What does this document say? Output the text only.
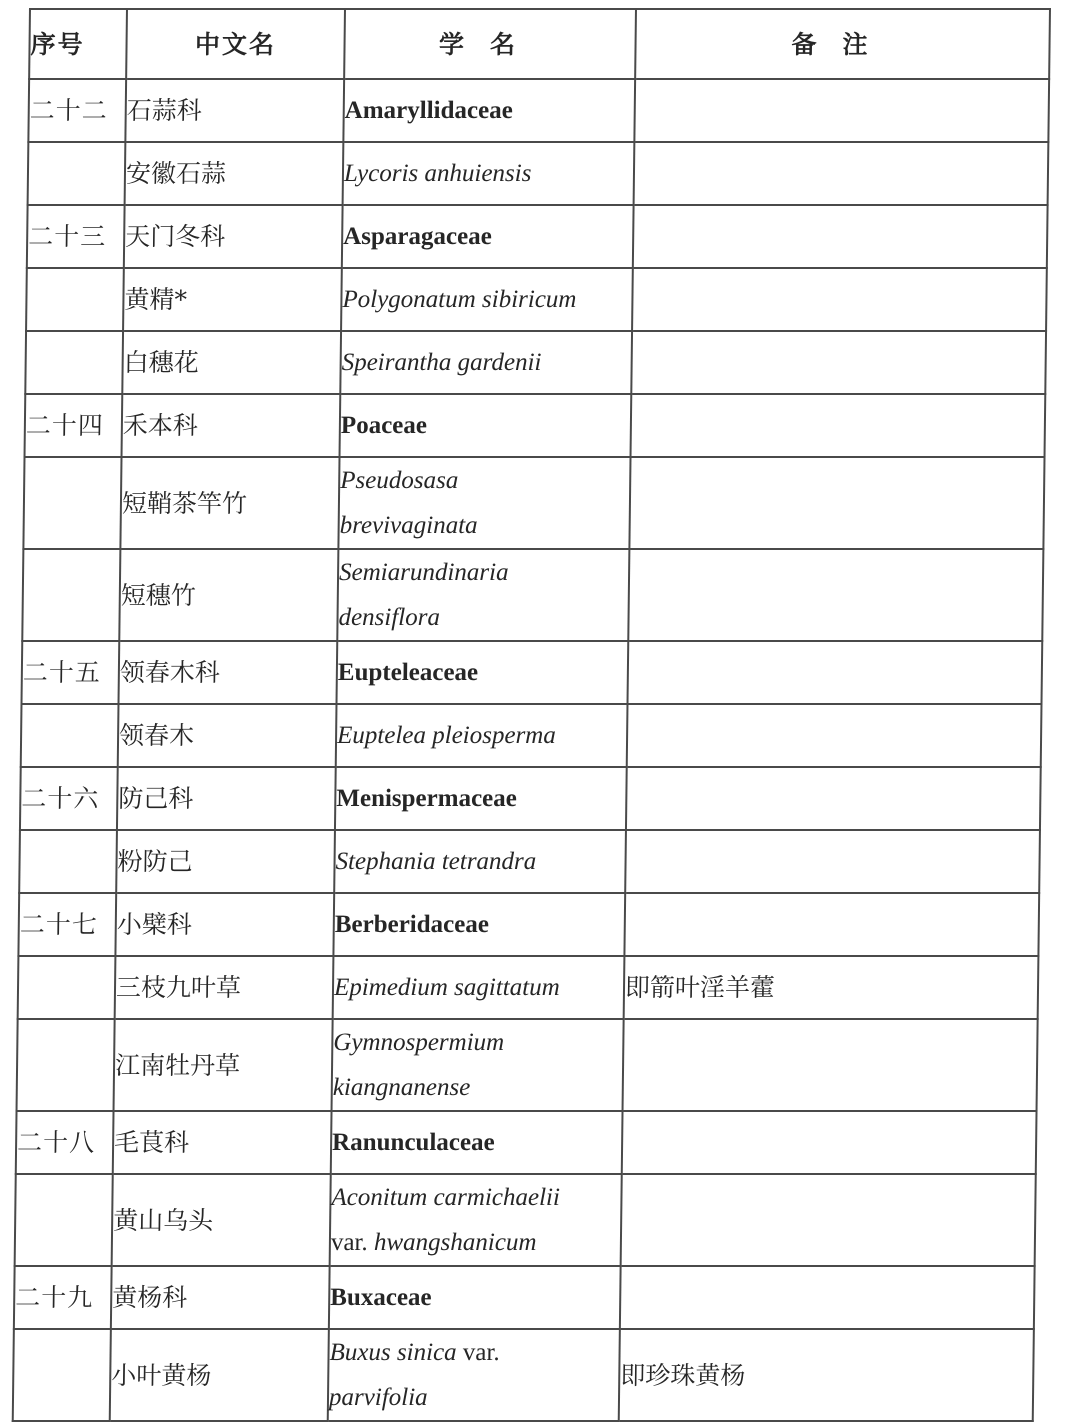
序号	中文名	学名	备注
二十二	石蒜科	Amaryllidaceae	

	安徽石蒜	Lycoris anhuiensis	

二十三	天门冬科	Asparagaceae	

	黄精*	Polygonatum sibiricum	

	白穗花	Speirantha gardenii	

二十四	禾本科	Poaceae	

	短鞘茶竿竹	Pseudosasa
brevivaginata	

	短穗竹	Semiarundinaria
densiflora	

二十五	领春木科	Eupteleaceae	

	领春木	Euptelea pleiosperma	

二十六	防己科	Menispermaceae	

	粉防己	Stephania tetrandra	

二十七	小檗科	Berberidaceae	

	三枝九叶草	Epimedium sagittatum	即箭叶淫羊藿
	江南牡丹草	Gymnospermium
kiangnanense	

二十八	毛茛科	Ranunculaceae	

	黄山乌头	Aconitum carmichaelii
var. hwangshanicum	

二十九	黄杨科	Buxaceae	

	小叶黄杨	Buxus sinica var.
parvifolia	即珍珠黄杨
